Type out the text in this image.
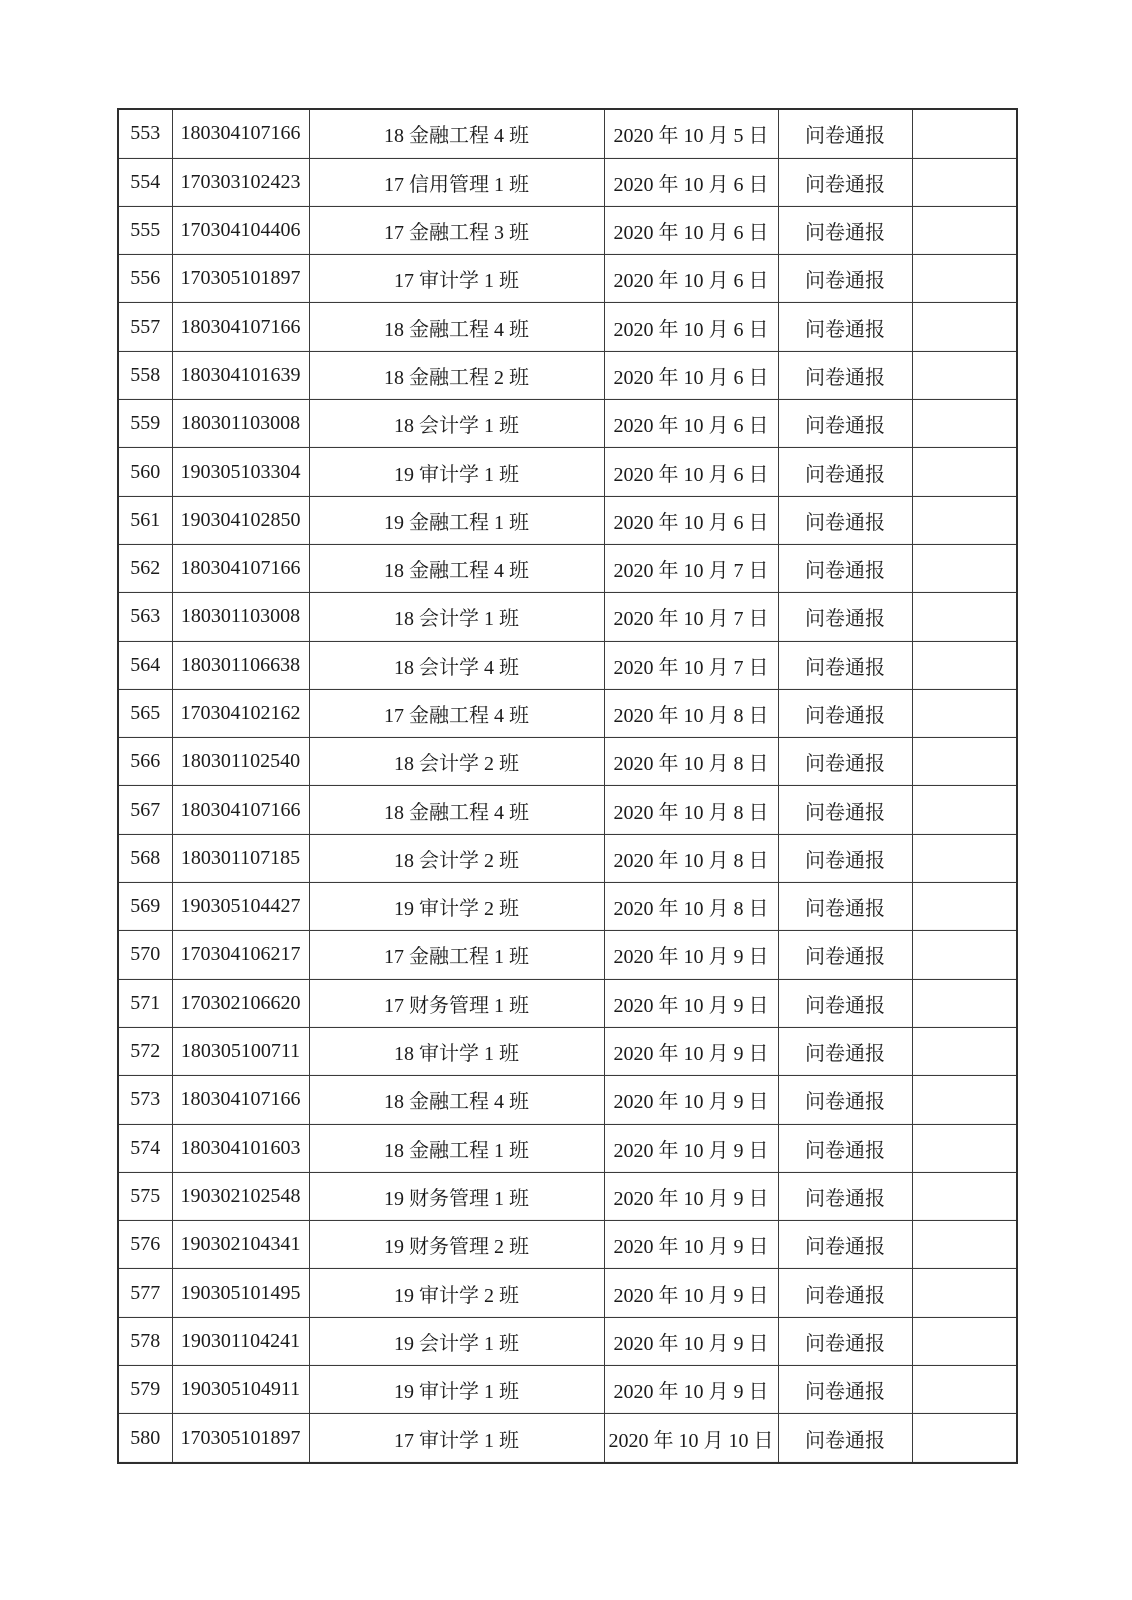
553	180304107166	18 金融工程 4 班	2020 年 10 月 5 日	问卷通报	
554	170303102423	17 信用管理 1 班	2020 年 10 月 6 日	问卷通报	
555	170304104406	17 金融工程 3 班	2020 年 10 月 6 日	问卷通报	
556	170305101897	17 审计学 1 班	2020 年 10 月 6 日	问卷通报	
557	180304107166	18 金融工程 4 班	2020 年 10 月 6 日	问卷通报	
558	180304101639	18 金融工程 2 班	2020 年 10 月 6 日	问卷通报	
559	180301103008	18 会计学 1 班	2020 年 10 月 6 日	问卷通报	
560	190305103304	19 审计学 1 班	2020 年 10 月 6 日	问卷通报	
561	190304102850	19 金融工程 1 班	2020 年 10 月 6 日	问卷通报	
562	180304107166	18 金融工程 4 班	2020 年 10 月 7 日	问卷通报	
563	180301103008	18 会计学 1 班	2020 年 10 月 7 日	问卷通报	
564	180301106638	18 会计学 4 班	2020 年 10 月 7 日	问卷通报	
565	170304102162	17 金融工程 4 班	2020 年 10 月 8 日	问卷通报	
566	180301102540	18 会计学 2 班	2020 年 10 月 8 日	问卷通报	
567	180304107166	18 金融工程 4 班	2020 年 10 月 8 日	问卷通报	
568	180301107185	18 会计学 2 班	2020 年 10 月 8 日	问卷通报	
569	190305104427	19 审计学 2 班	2020 年 10 月 8 日	问卷通报	
570	170304106217	17 金融工程 1 班	2020 年 10 月 9 日	问卷通报	
571	170302106620	17 财务管理 1 班	2020 年 10 月 9 日	问卷通报	
572	180305100711	18 审计学 1 班	2020 年 10 月 9 日	问卷通报	
573	180304107166	18 金融工程 4 班	2020 年 10 月 9 日	问卷通报	
574	180304101603	18 金融工程 1 班	2020 年 10 月 9 日	问卷通报	
575	190302102548	19 财务管理 1 班	2020 年 10 月 9 日	问卷通报	
576	190302104341	19 财务管理 2 班	2020 年 10 月 9 日	问卷通报	
577	190305101495	19 审计学 2 班	2020 年 10 月 9 日	问卷通报	
578	190301104241	19 会计学 1 班	2020 年 10 月 9 日	问卷通报	
579	190305104911	19 审计学 1 班	2020 年 10 月 9 日	问卷通报	
580	170305101897	17 审计学 1 班	2020 年 10 月 10 日	问卷通报	
